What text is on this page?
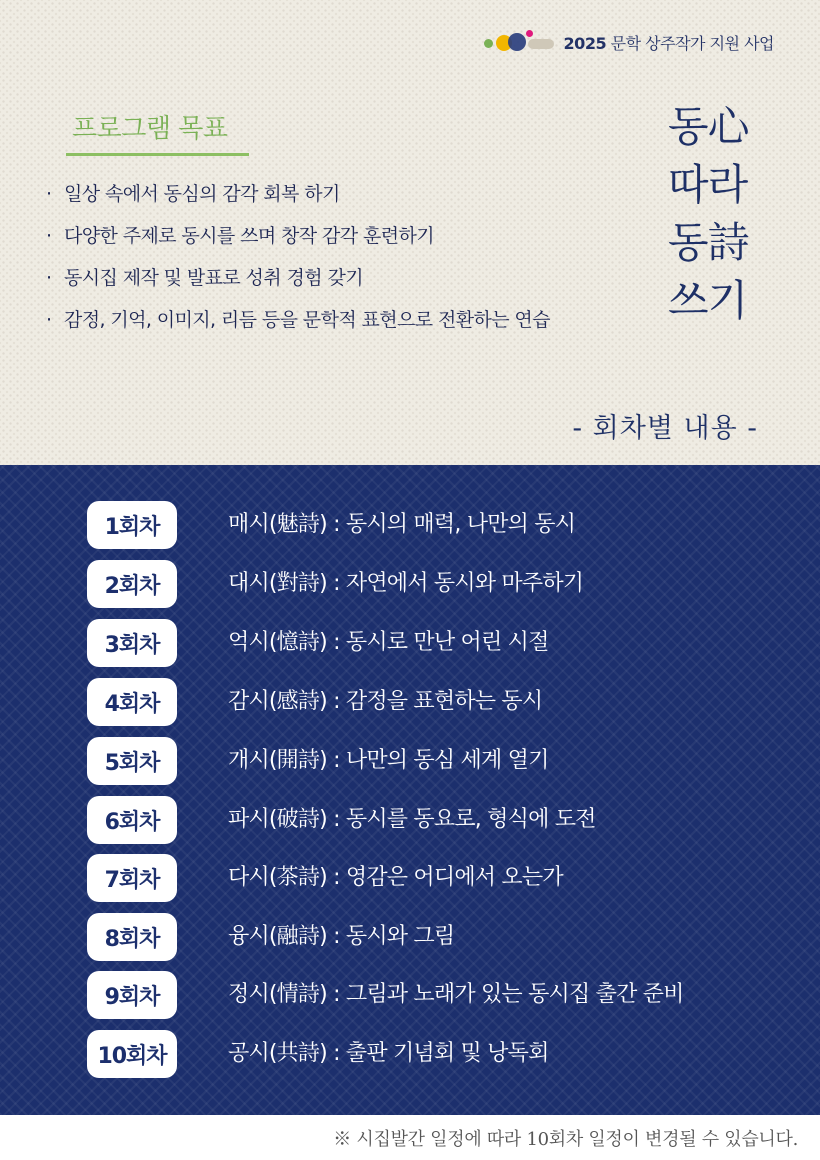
2025 문학 상주작가 지원 사업
프로그램 목표
· 일상 속에서 동심의 감각 회복 하기
· 다양한 주제로 동시를 쓰며 창작 감각 훈련하기
· 동시집 제작 및 발표로 성취 경험 갖기
· 감정, 기억, 이미지, 리듬 등을 문학적 표현으로 전환하는 연습
동心
따라
동詩
쓰기
- 회차별 내용 -
1회차	매시(魅詩) : 동시의 매력, 나만의 동시
2회차	대시(對詩) : 자연에서 동시와 마주하기
3회차	억시(憶詩) : 동시로 만난 어린 시절
4회차	감시(感詩) : 감정을 표현하는 동시
5회차	개시(開詩) : 나만의 동심 세계 열기
6회차	파시(破詩) : 동시를 동요로, 형식에 도전
7회차	다시(茶詩) : 영감은 어디에서 오는가
8회차	융시(融詩) : 동시와 그림
9회차	정시(情詩) : 그림과 노래가 있는 동시집 출간 준비
10회차	공시(共詩) : 출판 기념회 및 낭독회
※ 시집발간 일정에 따라 10회차 일정이 변경될 수 있습니다.
